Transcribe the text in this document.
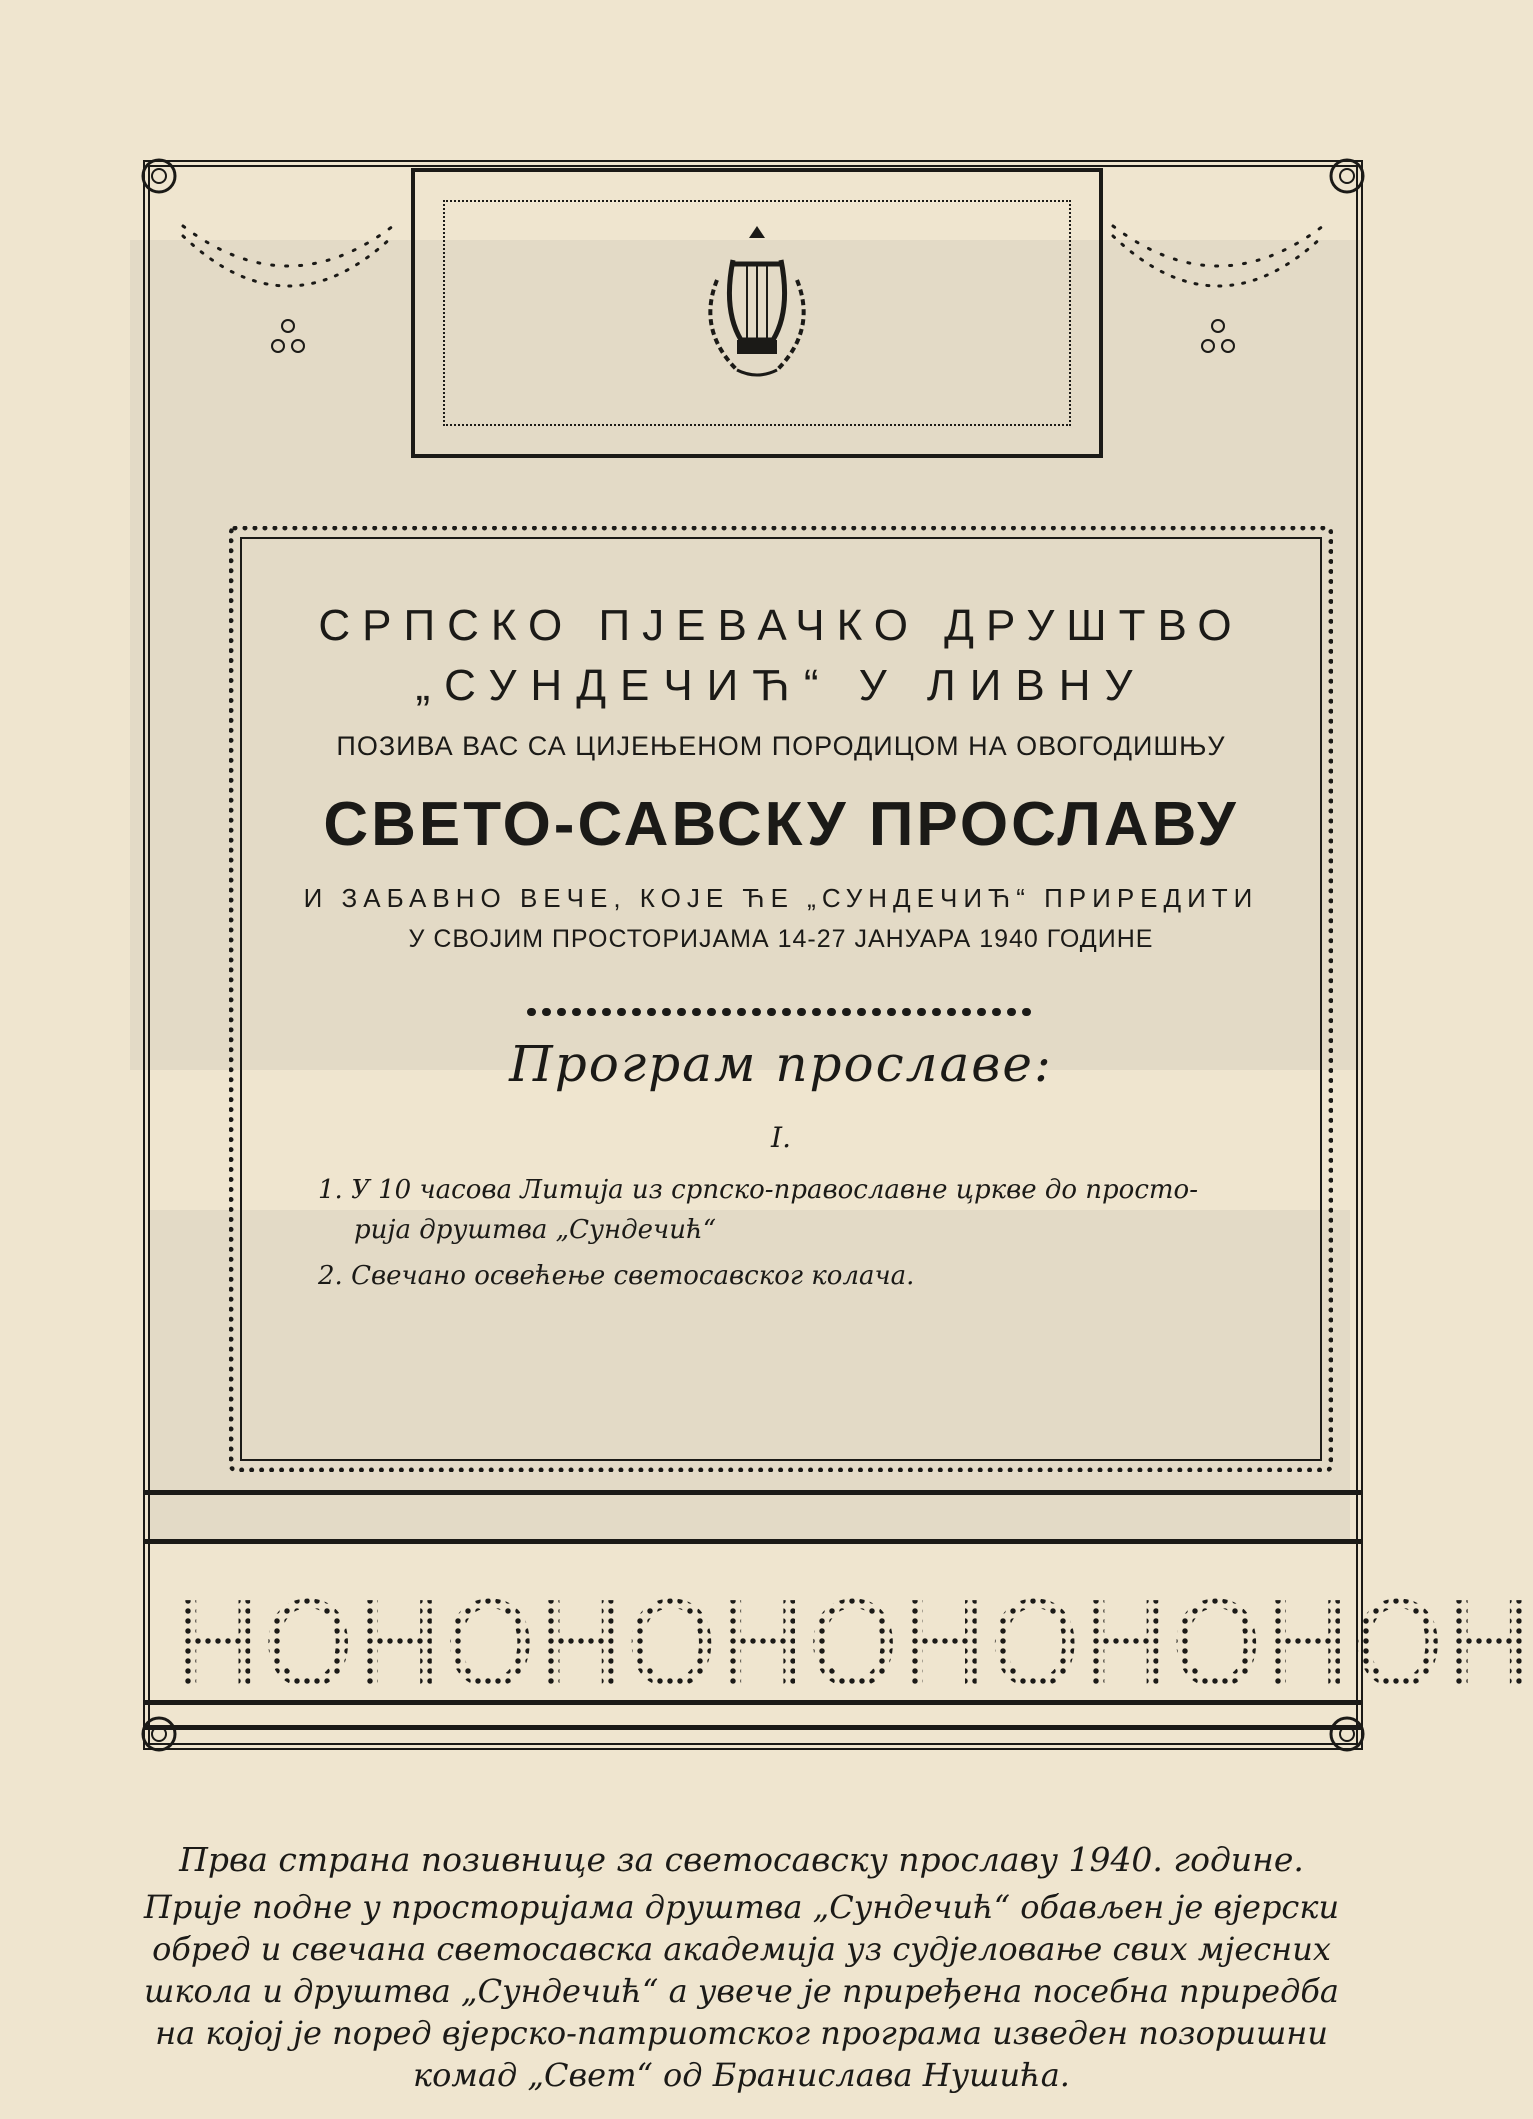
СРПСКО ПЈЕВАЧКО ДРУШТВО
„СУНДЕЧИЋ“ У ЛИВНУ
ПОЗИВА ВАС СА ЦИЈЕЊЕНОМ ПОРОДИЦОМ НА ОВОГОДИШЊУ
СВЕТО-САВСКУ ПРОСЛАВУ
И ЗАБАВНО ВЕЧЕ, КОЈЕ ЋЕ „СУНДЕЧИЋ“ ПРИРЕДИТИ
У СВОЈИМ ПРОСТОРИЈАМА 14-27 ЈАНУАРА 1940 ГОДИНЕ
Програм прославе:
I.
1. У 10 часова Литија из српско-православне цркве до просто-
рија друштва „Сундечић“
2. Свечано освећење светосавског колача.
H O H O H O H O H O H O H O H
Прва страна позивнице за светосавску прославу 1940. године.
Прије подне у просторијама друштва „Сундечић“ обављен је вјерски
обред и свечана светосавска академија уз судјеловање свих мјесних
школа и друштва „Сундечић“ а увече је приређена посебна приредба
на којој је поред вјерско-патриотског програма изведен позоришни
комад „Свет“ од Бранислава Нушића.
